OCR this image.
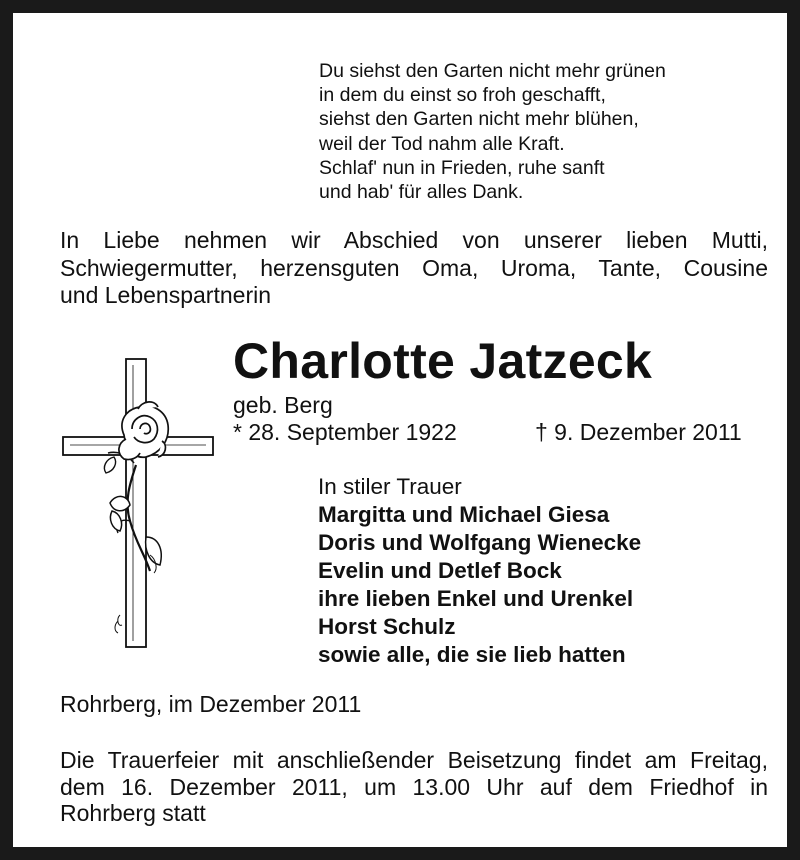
Du siehst den Garten nicht mehr grünen
in dem du einst so froh geschafft,
siehst den Garten nicht mehr blühen,
weil der Tod nahm alle Kraft.
Schlaf' nun in Frieden, ruhe sanft
und hab' für alles Dank.
In Liebe nehmen wir Abschied von unserer lieben Mutti,
Schwiegermutter, herzensguten Oma, Uroma, Tante, Cousine
und Lebenspartnerin
Charlotte Jatzeck
geb. Berg
* 28. September 1922	† 9. Dezember 2011
In stiler Trauer
Margitta und Michael Giesa
Doris und Wolfgang Wienecke
Evelin und Detlef Bock
ihre lieben Enkel und Urenkel
Horst Schulz
sowie alle, die sie lieb hatten
Rohrberg, im Dezember 2011
Die Trauerfeier mit anschließender Beisetzung findet am Freitag,
dem 16. Dezember 2011, um 13.00 Uhr auf dem Friedhof in
Rohrberg statt
